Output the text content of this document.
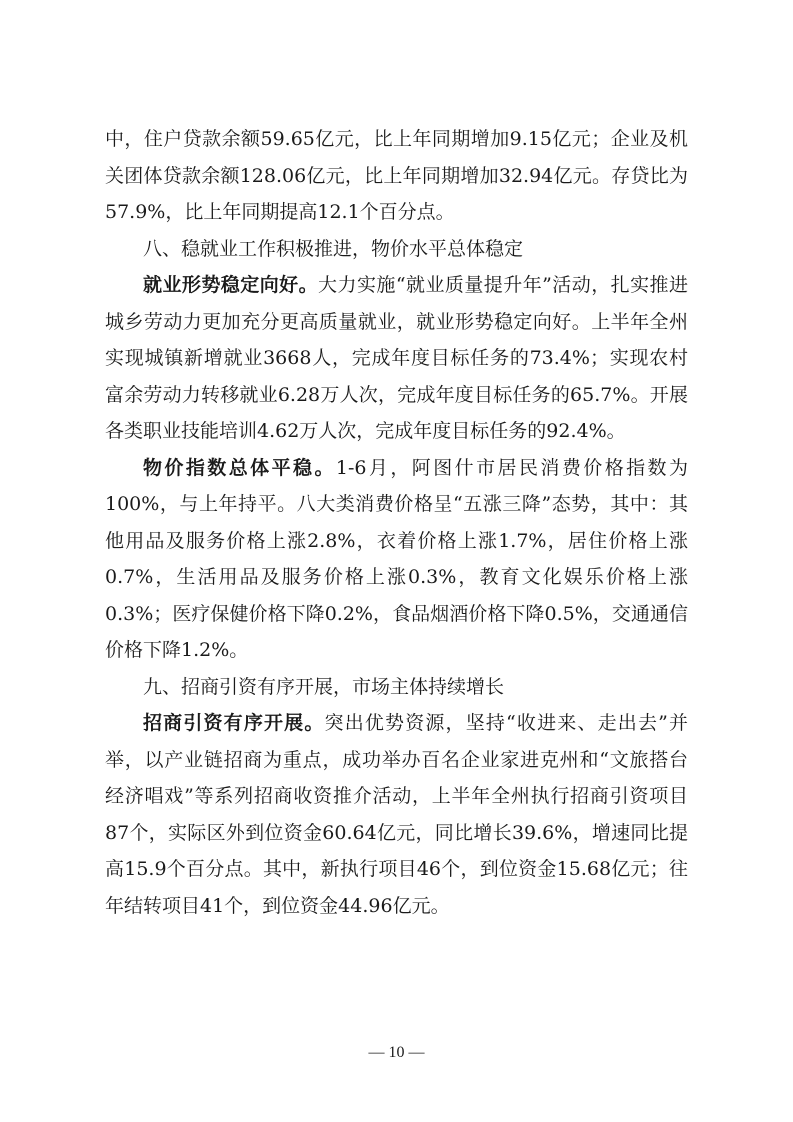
中，住户贷款余额59.65亿元，比上年同期增加9.15亿元；企业及机关团体贷款余额128.06亿元，比上年同期增加32.94亿元。存贷比为57.9%，比上年同期提高12.1个百分点。

八、稳就业工作积极推进，物价水平总体稳定

就业形势稳定向好。大力实施“就业质量提升年”活动，扎实推进城乡劳动力更加充分更高质量就业，就业形势稳定向好。上半年全州实现城镇新增就业3668人，完成年度目标任务的73.4%；实现农村富余劳动力转移就业6.28万人次，完成年度目标任务的65.7%。开展各类职业技能培训4.62万人次，完成年度目标任务的92.4%。

物价指数总体平稳。1-6月，阿图什市居民消费价格指数为100%，与上年持平。八大类消费价格呈“五涨三降”态势，其中：其他用品及服务价格上涨2.8%，衣着价格上涨1.7%，居住价格上涨0.7%，生活用品及服务价格上涨0.3%，教育文化娱乐价格上涨0.3%；医疗保健价格下降0.2%，食品烟酒价格下降0.5%，交通通信价格下降1.2%。

九、招商引资有序开展，市场主体持续增长

招商引资有序开展。突出优势资源，坚持“收进来、走出去”并举，以产业链招商为重点，成功举办百名企业家进克州和“文旅搭台 经济唱戏”等系列招商收资推介活动，上半年全州执行招商引资项目87个，实际区外到位资金60.64亿元，同比增长39.6%，增速同比提高15.9个百分点。其中，新执行项目46个，到位资金15.68亿元；往年结转项目41个，到位资金44.96亿元。

— 10 —
